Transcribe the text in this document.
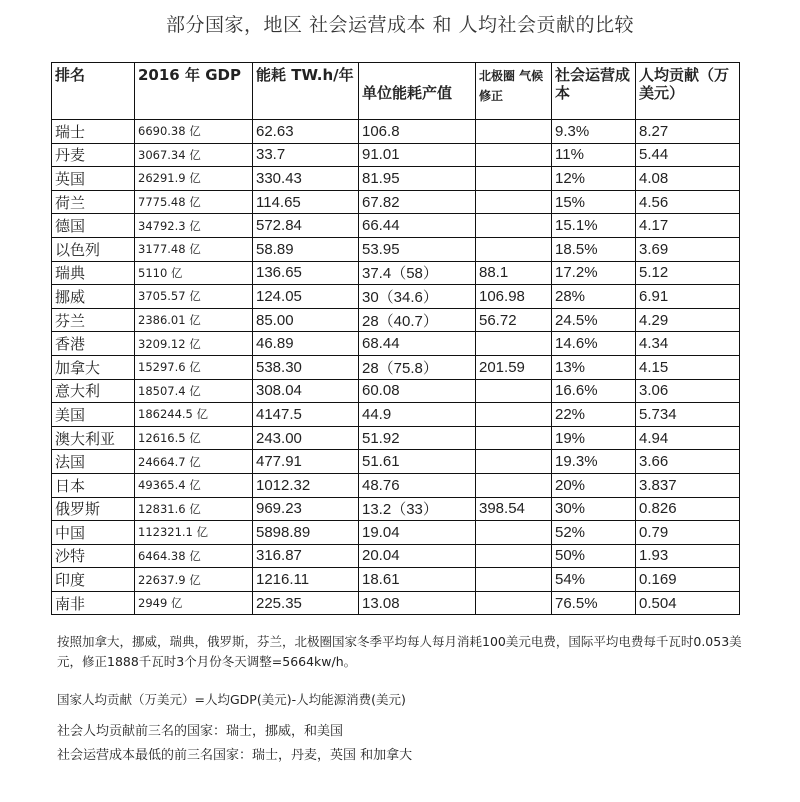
部分国家，地区 社会运营成本 和 人均社会贡献的比较
排名	2016 年 GDP	能耗 TW.h/年	单位能耗产值	北极圈 气候修正	社会运营成本	人均贡献（万美元）
瑞士	6690.38 亿	62.63	106.8		9.3%	8.27
丹麦	3067.34 亿	33.7	91.01		11%	5.44
英国	26291.9 亿	330.43	81.95		12%	4.08
荷兰	7775.48 亿	114.65	67.82		15%	4.56
德国	34792.3 亿	572.84	66.44		15.1%	4.17
以色列	3177.48 亿	58.89	53.95		18.5%	3.69
瑞典	5110 亿	136.65	37.4（58）	88.1	17.2%	5.12
挪威	3705.57 亿	124.05	30（34.6）	106.98	28%	6.91
芬兰	2386.01 亿	85.00	28（40.7）	56.72	24.5%	4.29
香港	3209.12 亿	46.89	68.44		14.6%	4.34
加拿大	15297.6 亿	538.30	28（75.8）	201.59	13%	4.15
意大利	18507.4 亿	308.04	60.08		16.6%	3.06
美国	186244.5 亿	4147.5	44.9		22%	5.734
澳大利亚	12616.5 亿	243.00	51.92		19%	4.94
法国	24664.7 亿	477.91	51.61		19.3%	3.66
日本	49365.4 亿	1012.32	48.76		20%	3.837
俄罗斯	12831.6 亿	969.23	13.2（33）	398.54	30%	0.826
中国	112321.1 亿	5898.89	19.04		52%	0.79
沙特	6464.38 亿	316.87	20.04		50%	1.93
印度	22637.9 亿	1216.11	18.61		54%	0.169
南非	2949 亿	225.35	13.08		76.5%	0.504

按照加拿大，挪威，瑞典，俄罗斯，芬兰，北极圈国家冬季平均每人每月消耗100美元电费，国际平均电费每千瓦时0.053美元，修正1888千瓦时3个月份冬天调整=5664kw/h。

国家人均贡献（万美元）=人均GDP(美元)-人均能源消费(美元)

社会人均贡献前三名的国家：瑞士，挪威，和美国

社会运营成本最低的前三名国家：瑞士，丹麦，英国 和加拿大
